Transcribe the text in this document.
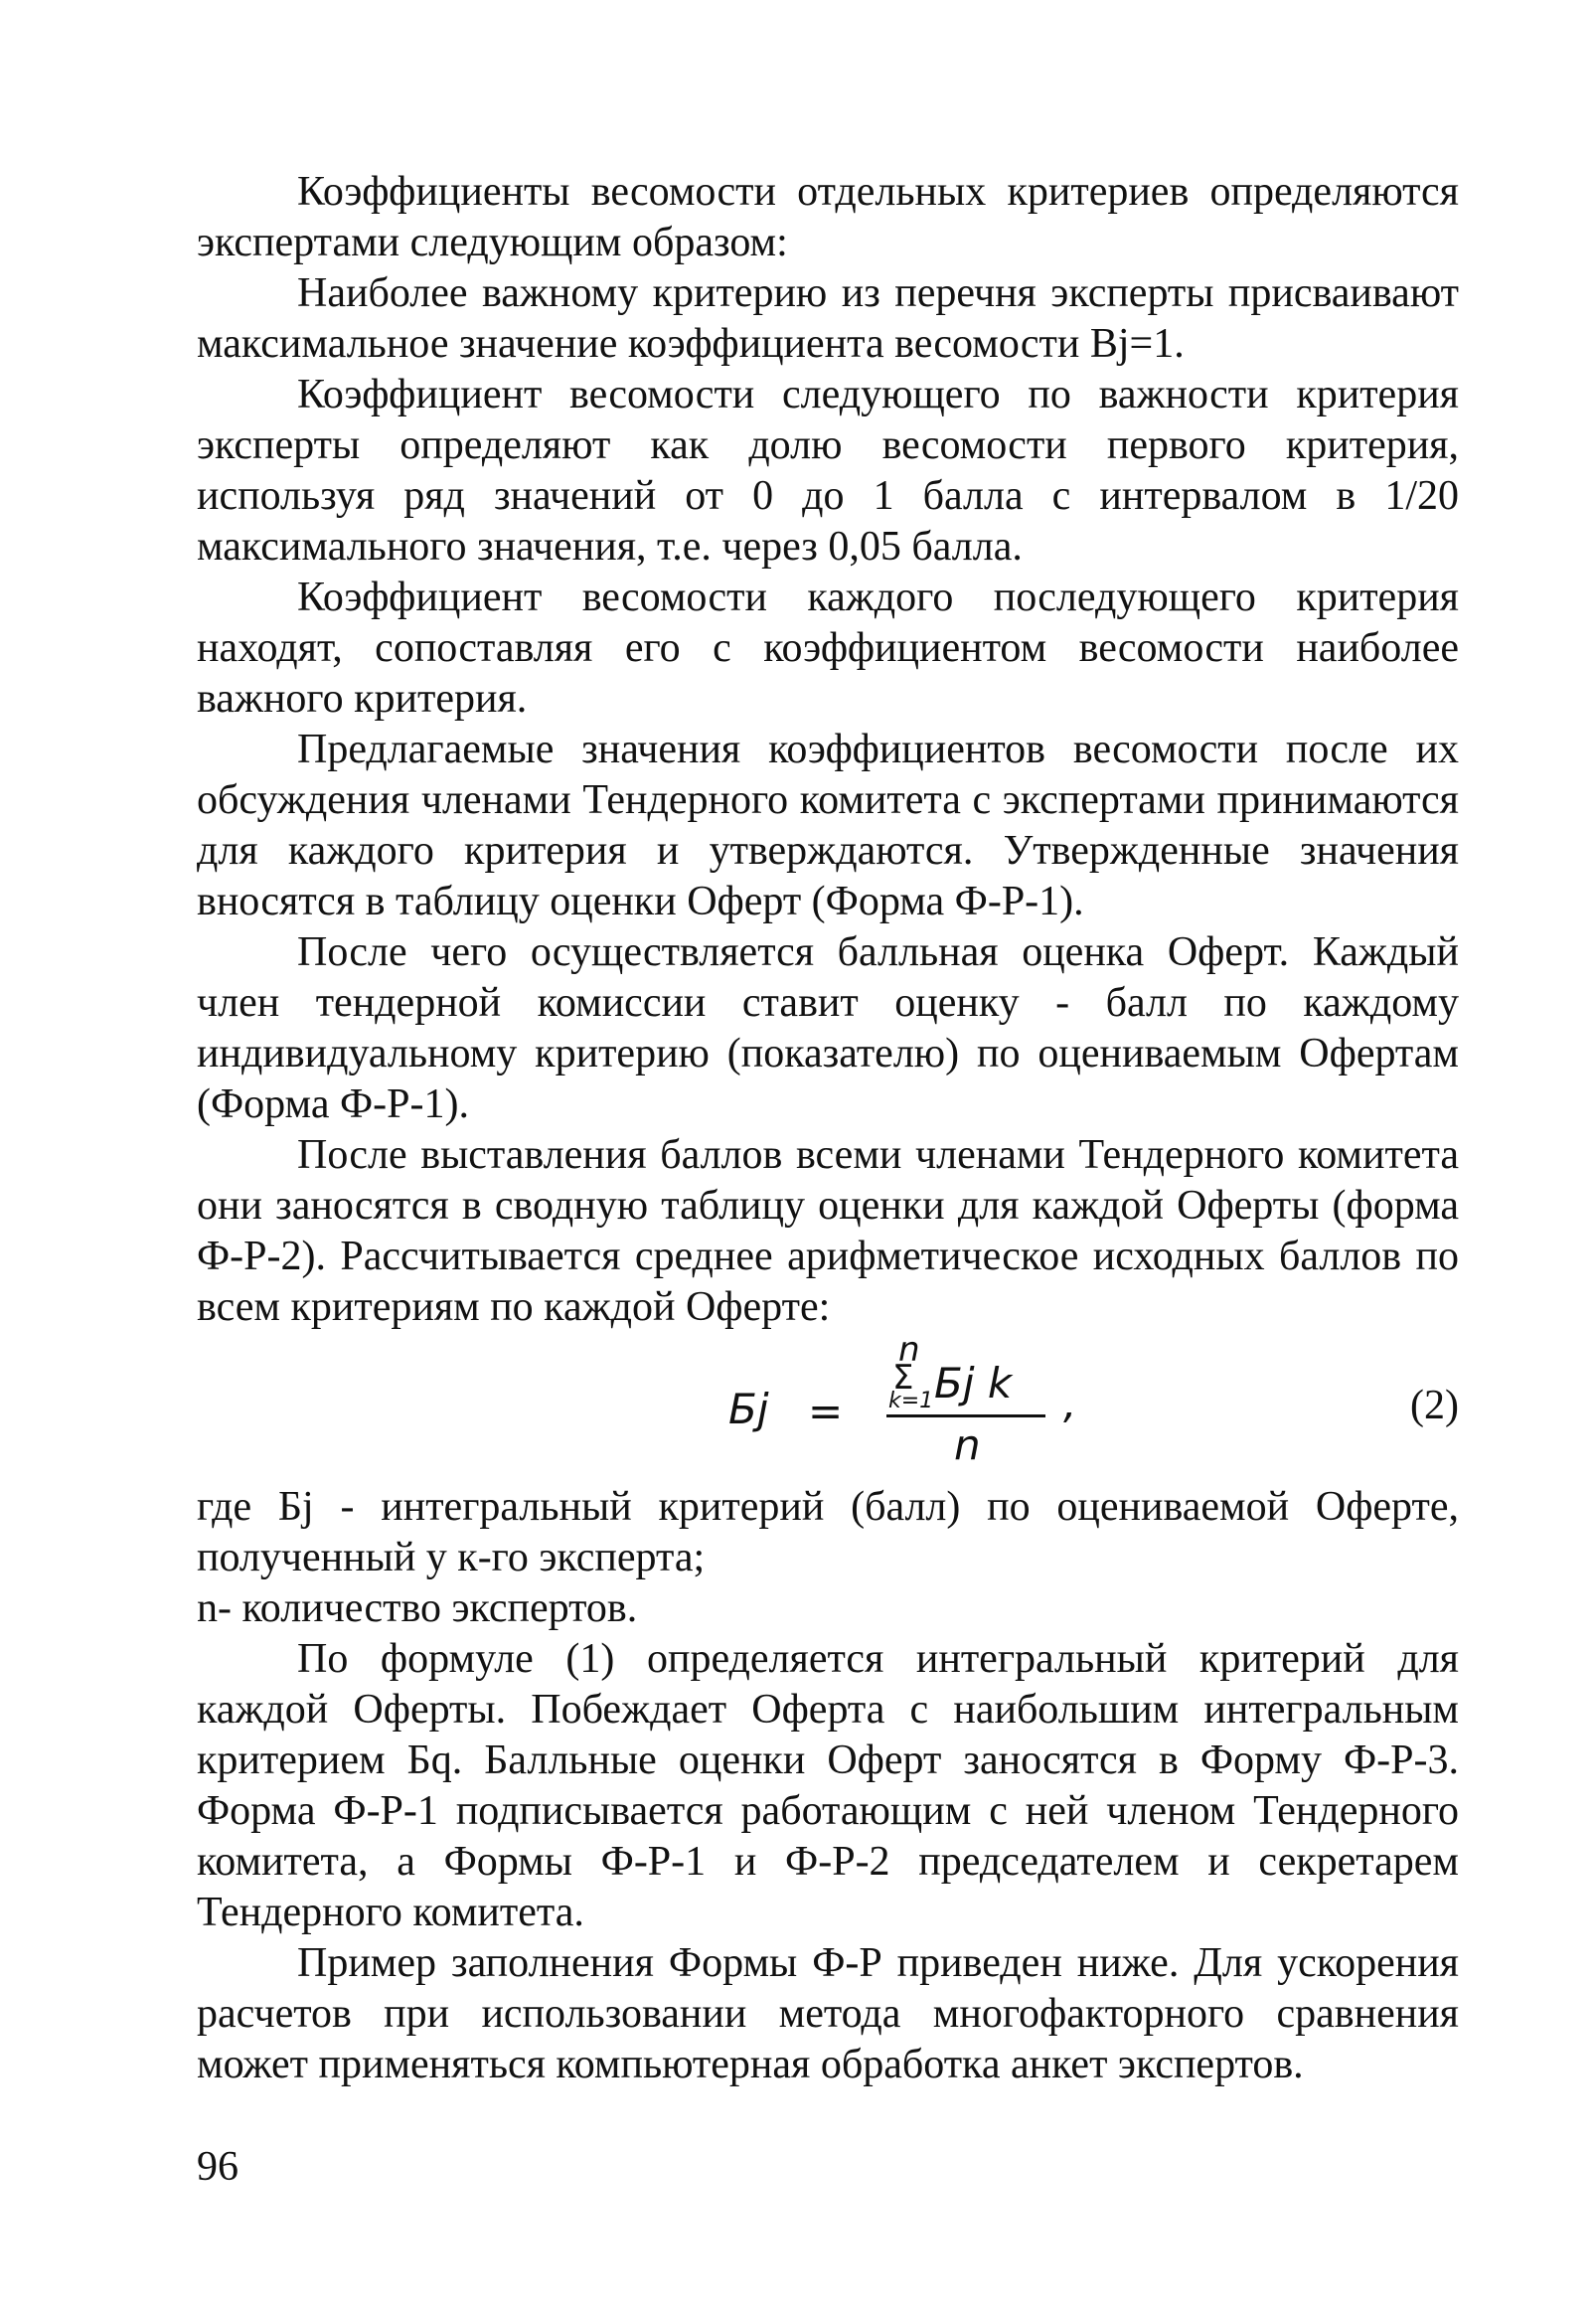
Коэффициенты весомости отдельных критериев определяются экспертами следующим образом:

Наиболее важному критерию из перечня эксперты присваивают максимальное значение коэффициента весомости Bj=1.

Коэффициент весомости следующего по важности критерия эксперты определяют как долю весомости первого критерия, используя ряд значений от 0 до 1 балла с интервалом в 1/20 максимального значения, т.е. через 0,05 балла.

Коэффициент весомости каждого последующего критерия находят, сопоставляя его с коэффициентом весомости наиболее важного критерия.

Предлагаемые значения коэффициентов весомости после их обсуждения членами Тендерного комитета с экспертами принимаются для каждого критерия и утверждаются. Утвержденные значения вносятся в таблицу оценки Оферт (Форма Ф-Р-1).

После чего осуществляется балльная оценка Оферт. Каждый член тендерной комиссии ставит оценку - балл по каждому индивидуальному критерию (показателю) по оцениваемым Офертам (Форма Ф-Р-1).

После выставления баллов всеми членами Тендерного комитета они заносятся в сводную таблицу оценки для каждой Оферты (форма Ф-Р-2). Рассчитывается среднее арифметическое исходных баллов по всем критериям по каждой Оферте:

Бj =
n
Σ
k=1 Бj k
n
,	(2)

где Бj - интегральный критерий (балл) по оцениваемой Оферте, полученный у к-го эксперта;

n- количество экспертов.

По формуле (1) определяется интегральный критерий для каждой Оферты. Побеждает Оферта с наибольшим интегральным критерием Бq. Балльные оценки Оферт заносятся в Форму Ф-Р-3. Форма Ф-Р-1 подписывается работающим с ней членом Тендерного комитета, а Формы Ф-Р-1 и Ф-Р-2 председателем и секретарем Тендерного комитета.

Пример заполнения Формы Ф-Р приведен ниже. Для ускорения расчетов при использовании метода многофакторного сравнения может применяться компьютерная обработка анкет экспертов.

96
